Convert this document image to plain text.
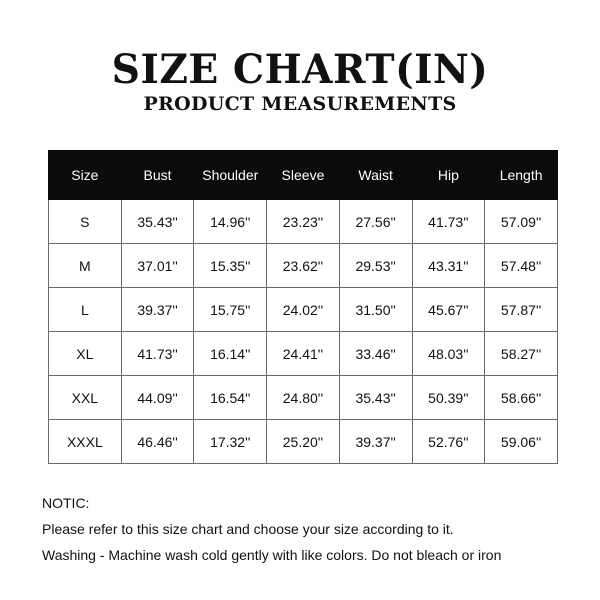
SIZE CHART(IN)
PRODUCT MEASUREMENTS
Size	Bust	Shoulder	Sleeve	Waist	Hip	Length
S	35.43''	14.96''	23.23''	27.56''	41.73''	57.09''
M	37.01''	15.35''	23.62''	29.53''	43.31''	57.48''
L	39.37''	15.75''	24.02''	31.50''	45.67''	57.87''
XL	41.73''	16.14''	24.41''	33.46''	48.03''	58.27''
XXL	44.09''	16.54''	24.80''	35.43''	50.39''	58.66''
XXXL	46.46''	17.32''	25.20''	39.37''	52.76''	59.06''
NOTIC:
Please refer to this size chart and choose your size according to it.
Washing - Machine wash cold gently with like colors. Do not bleach or iron
